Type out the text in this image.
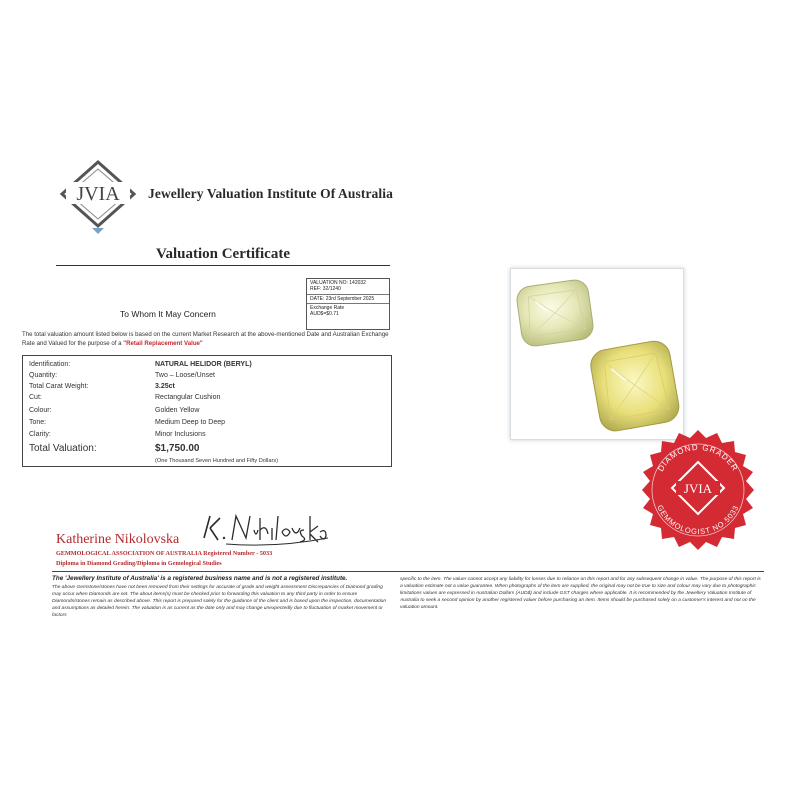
JVIA Jewellery Valuation Institute Of Australia
Valuation Certificate
VALUATION NO: 142032
REF: 32/1240
DATE: 23rd September 2025
Exchange Rate
AUD$=$0.71
To Whom It May Concern
The total valuation amount listed below is based on the current Market Research at the above-mentioned Date and Australian Exchange Rate and Valued for the purpose of a "Retail Replacement Value"
Identification:	NATURAL HELIDOR (BERYL)
Quantity:	Two – Loose/Unset
Total Carat Weight:	3.25ct
Cut:	Rectangular Cushion
Colour:	Golden Yellow
Tone:	Medium Deep to Deep
Clarity:	Minor Inclusions
Total Valuation:	$1,750.00
(One Thousand Seven Hundred and Fifty Dollars)
Katherine Nikolovska
GEMMOLOGICAL ASSOCIATION OF AUSTRALIA Registered Number - 5033
Diploma in Diamond Grading/Diploma in Gemological Studies
The 'Jewellery Institute of Australia' is a registered business name and is not a registered institute.
The above Gemstone/stones have not been removed from their settings for accurate of grade and weight assessment Discrepancies of Diamond grading may occur when Diamonds are set. The about items(s) must be checked prior to forwarding this valuation to any third party in order to ensure Diamonds/stones remain as described above. This report is prepared solely for the guidance of the client and is based upon the inspection, documentation and assumptions as detailed herein. The valuation is as current as the date only and may change unexpectedly due to fluctuation of market movement or factors
specific to the item. The valuer cannot accept any liability for losses due to reliance on this report and for any subsequent change in value. The purpose of this report is a valuation estimate not a value guarantee. When photographs of the item are supplied, the original may not be true to size and colour may vary due to photographic limitations values are expressed in Australian Dollars (AUD$) and include GST charges where applicable. It is recommended by the Jewellery Valuation Institute of Australia to seek a second opinion by another registered valuer before purchasing an item. Items should be purchased solely on a customer's interest and not on the valuation amount.
DIAMOND GRADER
GEMMOLOGIST NO.5033
JVIA
